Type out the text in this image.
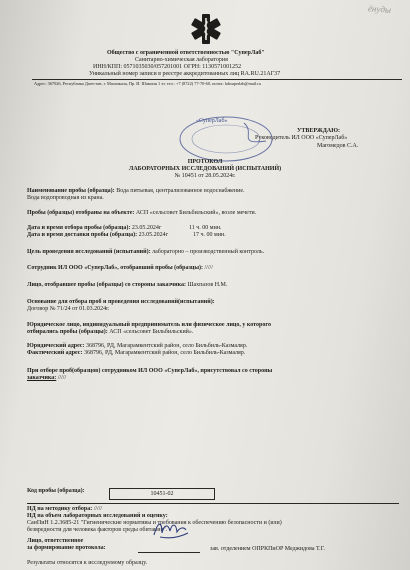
ёнуды
Общество с ограниченной ответственностью "СуперЛаб"
Санитарно-химическая лаборатория
ИНН/КПП: 0571035030/057201001 ОГРН: 1130571001252
Уникальный номер записи в реестре аккредитованных лиц RA.RU.21АГ37
Адрес: 367026, Республика Дагестан, г. Махачкала, Пр. И. Шамиля 1 эт. тел.: +7 (8722) 77-70-60, почта: labsuperlab@mail.ru
«СуперЛаб»
УТВЕРЖДАЮ:
Руководитель ИЛ ООО «СуперЛаб»
Магомедов С.А.
ПРОТОКОЛ
ЛАБОРАТОРНЫХ ИССЛЕДОВАНИЙ (ИСПЫТАНИЙ)
№ 10451 от 28.05.2024г.
Наименование пробы (образца): Вода питьевая, централизованное водоснабжение.
Вода водопроводная из крана.
Пробы (образцы) отобраны на объекте: АСП «сельсовет Бильбильский», возле мечети.
Дата и время отбора пробы (образца): 23.05.2024г	11 ч. 00 мин.
Дата и время доставки пробы (образца): 23.05.2024г	17 ч. 00 мин.
Цель проведения исследований (испытаний): лабораторно – производственный контроль.
Сотрудник ИЛ ООО «СуперЛаб», отобравший пробы (образцы): /////
Лицо, отобравшее пробы (образцы) со стороны заказчика: Шахпазов Н.М.
Основание для отбора проб и проведения исследований(испытаний):
Договор № 71/24 от 01.03.2024г.
Юридическое лицо, индивидуальный предприниматель или физическое лицо, у которого
отбирались пробы (образцы): АСП «сельсовет Бильбильский».
Юридический адрес: 368796, РД, Магарамкентский район, село Бильбиль-Казмаляр.
Фактический адрес: 368796, РД, Магарамкентский район, село Бильбиль-Казмаляр.
При отборе проб(образцов) сотрудником ИЛ ООО «СуперЛаб», присутствовал со стороны
заказчика: /////
Код пробы (образца):	10451-02
НД на методику отбора: /////
НД на объем лабораторных исследований и оценку:
СанПиН 1.2.3685-21 "Гигиенические нормативы и требования к обеспечению безопасности и (или)
безвредности для человека факторов среды обитания".
Лицо, ответственное
за формирование протокола:	зав. отделением ОПРКПиОР Меджидова Т.Г.
Результаты относятся к исследуемому образцу.
